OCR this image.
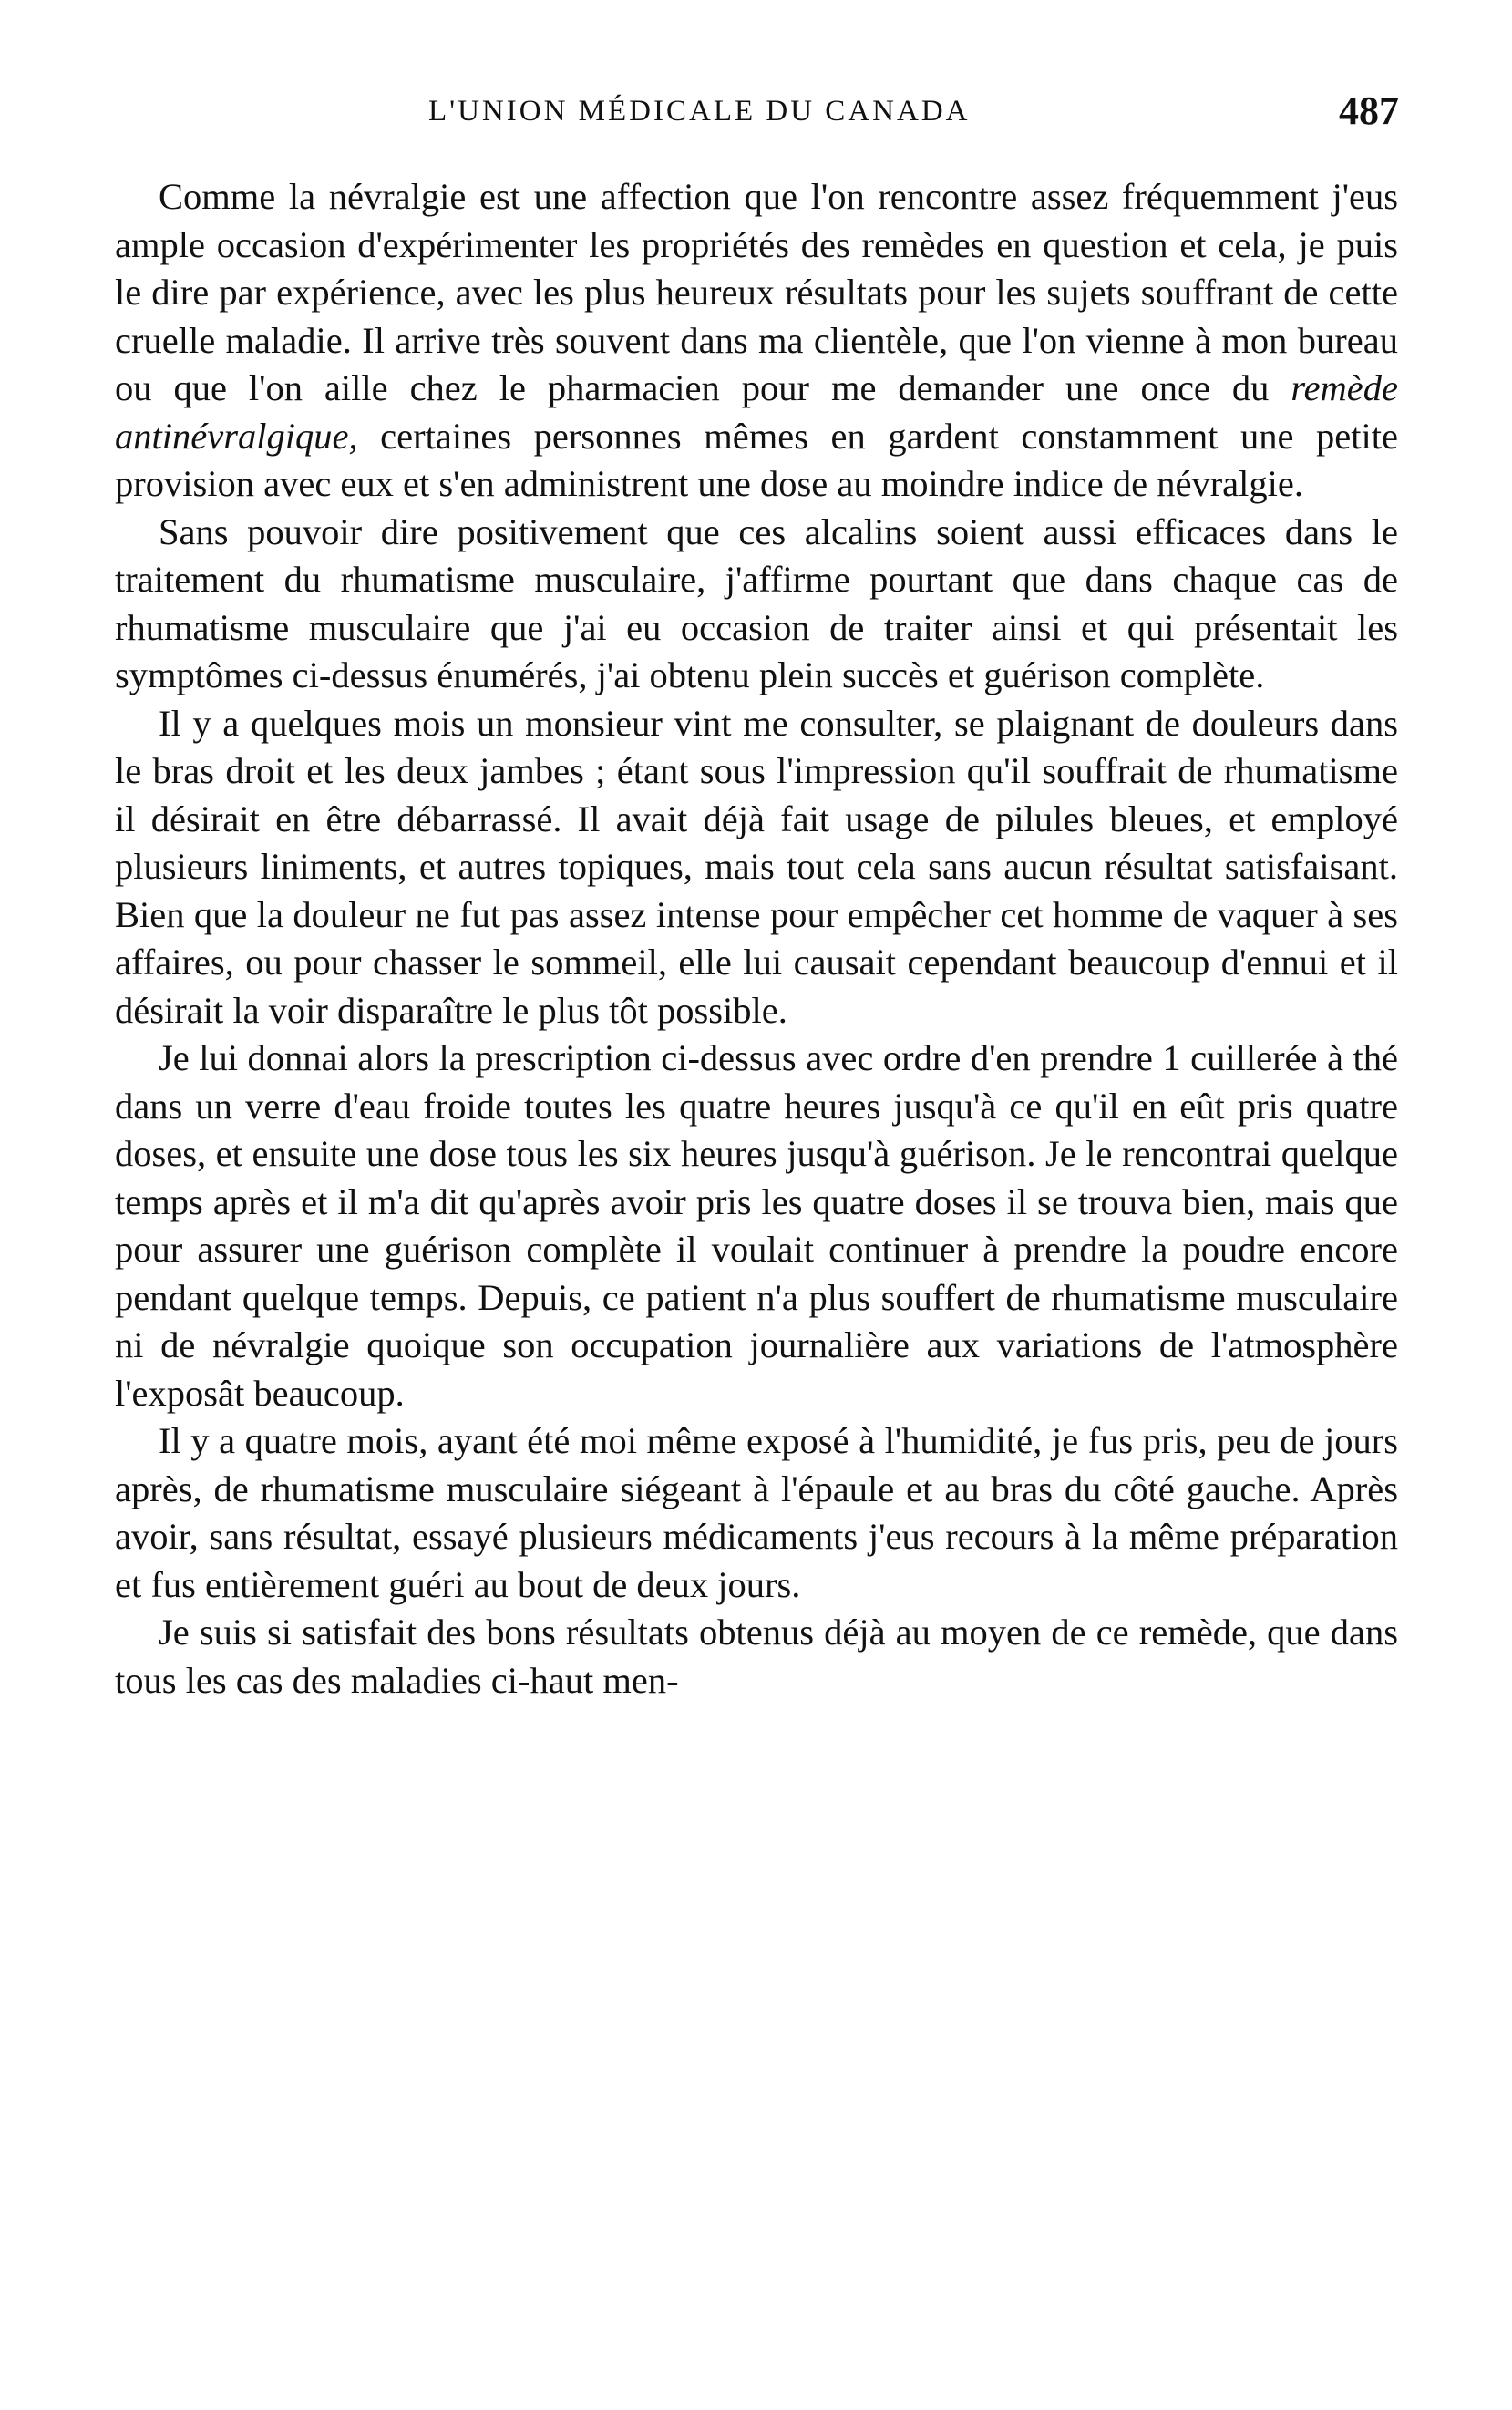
L'UNION MÉDICALE DU CANADA	487

Comme la névralgie est une affection que l'on rencontre assez fréquemment j'eus ample occasion d'expérimenter les propriétés des remèdes en question et cela, je puis le dire par expérience, avec les plus heureux résultats pour les sujets souffrant de cette cruelle maladie. Il arrive très souvent dans ma clientèle, que l'on vienne à mon bureau ou que l'on aille chez le pharmacien pour me demander une once du remède antinévralgique, certaines personnes mêmes en gardent constamment une petite provision avec eux et s'en administrent une dose au moindre indice de névralgie.

Sans pouvoir dire positivement que ces alcalins soient aussi efficaces dans le traitement du rhumatisme musculaire, j'affirme pourtant que dans chaque cas de rhumatisme musculaire que j'ai eu occasion de traiter ainsi et qui présentait les symptômes ci-dessus énumérés, j'ai obtenu plein succès et guérison complète.

Il y a quelques mois un monsieur vint me consulter, se plaignant de douleurs dans le bras droit et les deux jambes ; étant sous l'impression qu'il souffrait de rhumatisme il désirait en être débarrassé. Il avait déjà fait usage de pilules bleues, et employé plusieurs liniments, et autres topiques, mais tout cela sans aucun résultat satisfaisant. Bien que la douleur ne fut pas assez intense pour empêcher cet homme de vaquer à ses affaires, ou pour chasser le sommeil, elle lui causait cependant beaucoup d'ennui et il désirait la voir disparaître le plus tôt possible.

Je lui donnai alors la prescription ci-dessus avec ordre d'en prendre 1 cuillerée à thé dans un verre d'eau froide toutes les quatre heures jusqu'à ce qu'il en eût pris quatre doses, et ensuite une dose tous les six heures jusqu'à guérison. Je le rencontrai quelque temps après et il m'a dit qu'après avoir pris les quatre doses il se trouva bien, mais que pour assurer une guérison complète il voulait continuer à prendre la poudre encore pendant quelque temps. Depuis, ce patient n'a plus souffert de rhumatisme musculaire ni de névralgie quoique son occupation journalière aux variations de l'atmosphère l'exposât beaucoup.

Il y a quatre mois, ayant été moi même exposé à l'humidité, je fus pris, peu de jours après, de rhumatisme musculaire siégeant à l'épaule et au bras du côté gauche. Après avoir, sans résultat, essayé plusieurs médicaments j'eus recours à la même préparation et fus entièrement guéri au bout de deux jours.

Je suis si satisfait des bons résultats obtenus déjà au moyen de ce remède, que dans tous les cas des maladies ci-haut men-
